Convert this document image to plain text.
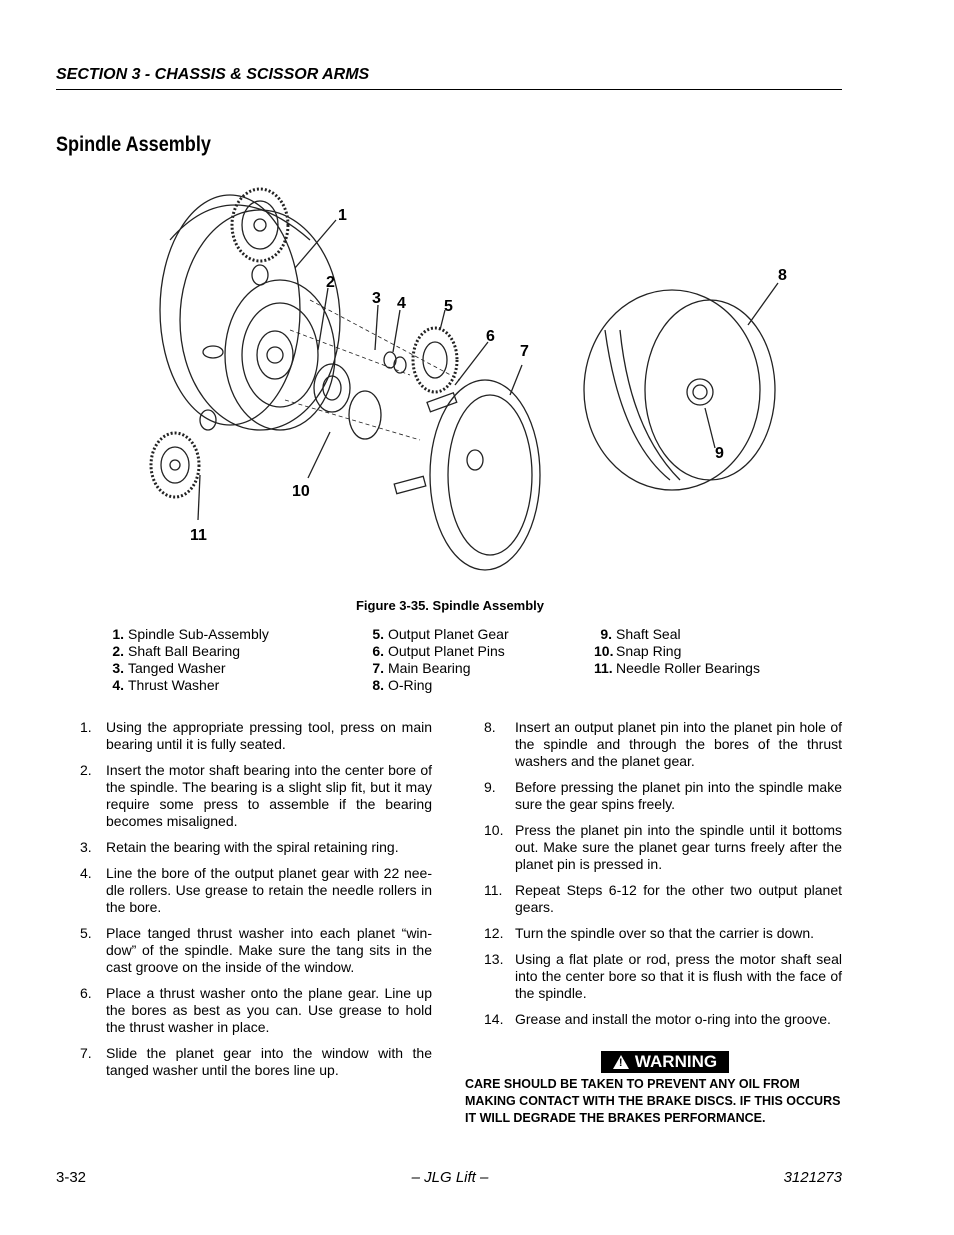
SECTION 3 - CHASSIS & SCISSOR ARMS
Spindle Assembly
1
2
3 4 5
6
7
8
9
10
11
Figure 3-35. Spindle Assembly
1. Spindle Sub-Assembly
2. Shaft Ball Bearing
3. Tanged Washer
4. Thrust Washer
5. Output Planet Gear
6. Output Planet Pins
7. Main Bearing
8. O-Ring
9. Shaft Seal
10. Snap Ring
11. Needle Roller Bearings
1. Using the appropriate pressing tool, press on main bearing until it is fully seated.
2. Insert the motor shaft bearing into the center bore of the spindle. The bearing is a slight slip fit, but it may require some press to assemble if the bearing becomes misaligned.
3. Retain the bearing with the spiral retaining ring.
4. Line the bore of the output planet gear with 22 nee-dle rollers. Use grease to retain the needle rollers in the bore.
5. Place tanged thrust washer into each planet “win-dow” of the spindle. Make sure the tang sits in the cast groove on the inside of the window.
6. Place a thrust washer onto the plane gear. Line up the bores as best as you can. Use grease to hold the thrust washer in place.
7. Slide the planet gear into the window with the tanged washer until the bores line up.
8. Insert an output planet pin into the planet pin hole of the spindle and through the bores of the thrust washers and the planet gear.
9. Before pressing the planet pin into the spindle make sure the gear spins freely.
10. Press the planet pin into the spindle until it bottoms out. Make sure the planet gear turns freely after the planet pin is pressed in.
11. Repeat Steps 6-12 for the other two output planet gears.
12. Turn the spindle over so that the carrier is down.
13. Using a flat plate or rod, press the motor shaft seal into the center bore so that it is flush with the face of the spindle.
14. Grease and install the motor o-ring into the groove.
! WARNING
CARE SHOULD BE TAKEN TO PREVENT ANY OIL FROM MAKING CONTACT WITH THE BRAKE DISCS. IF THIS OCCURS IT WILL DEGRADE THE BRAKES PERFORMANCE.
3-32	– JLG Lift –	3121273
